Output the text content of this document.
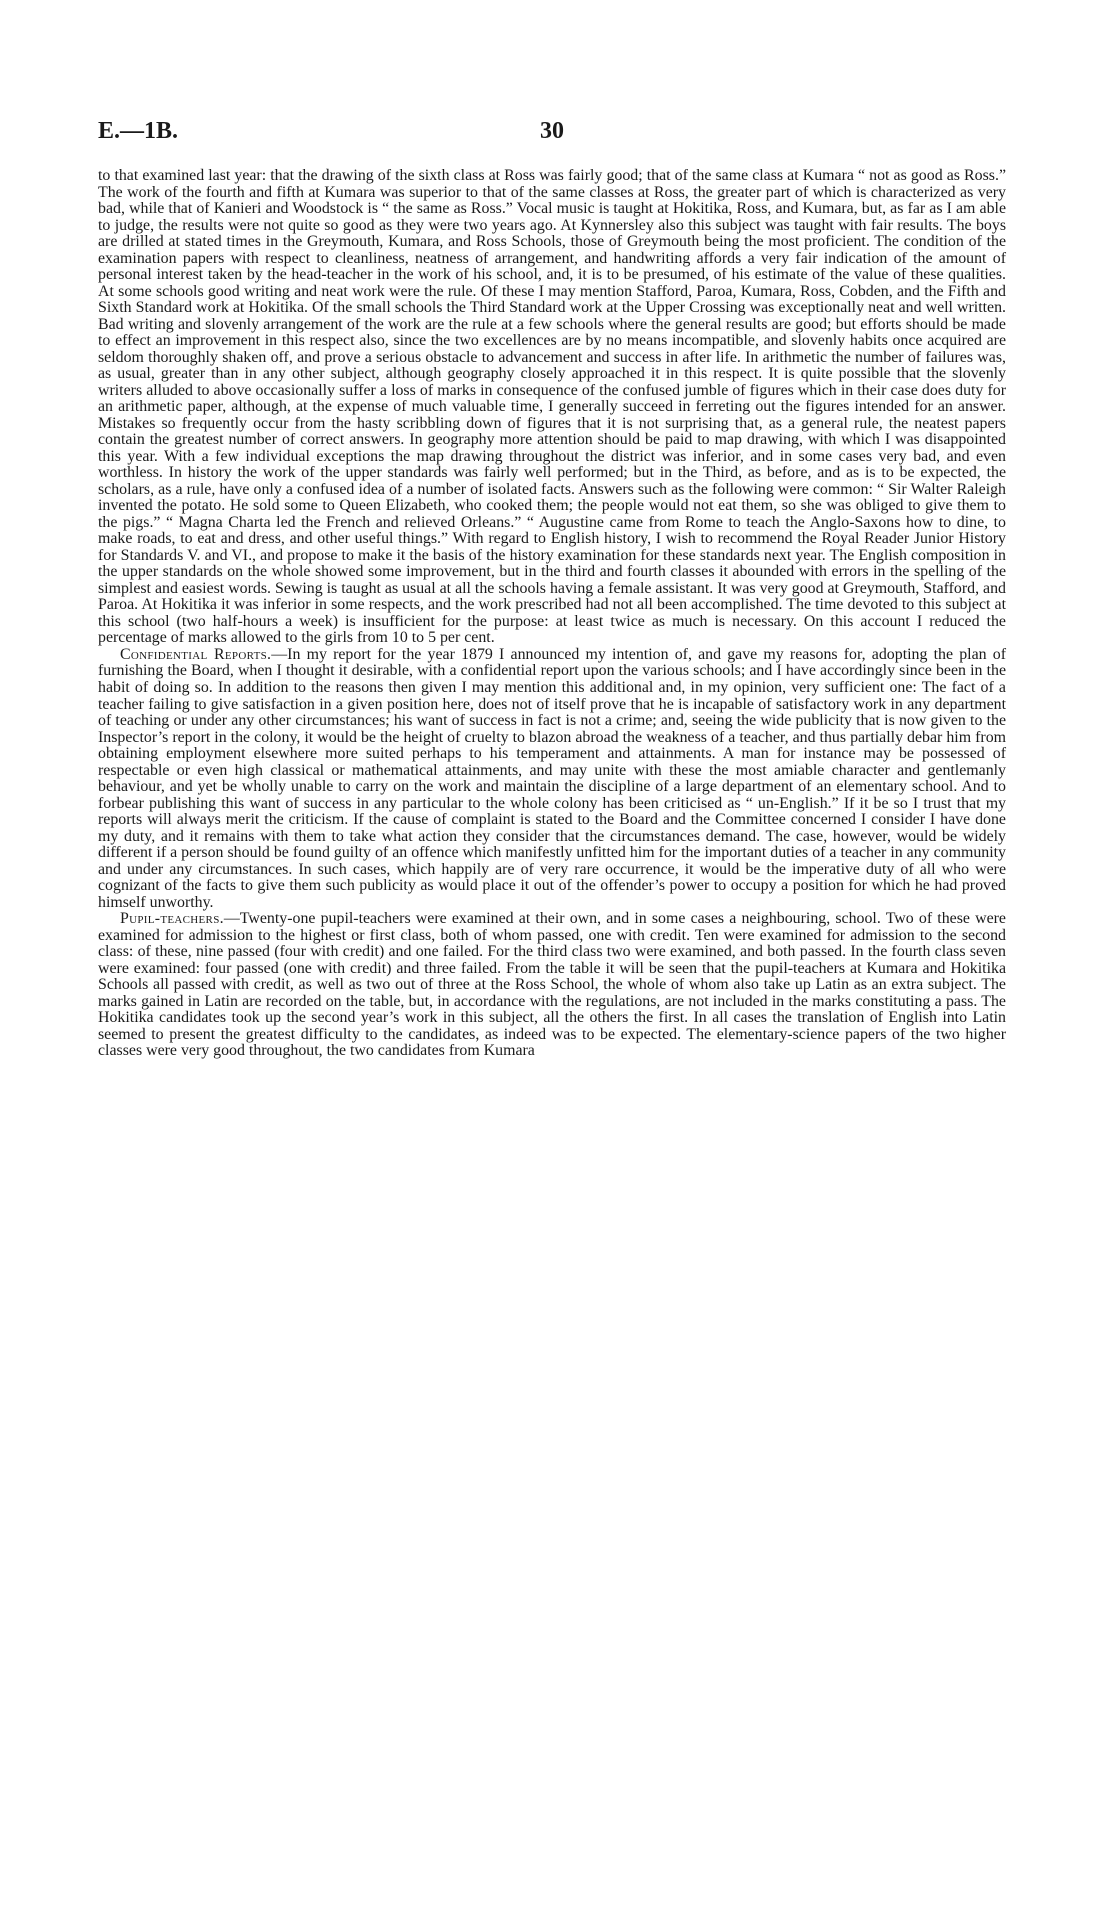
E.—1B.	30

to that examined last year: that the drawing of the sixth class at Ross was fairly good; that of the same class at Kumara “ not as good as Ross.” The work of the fourth and fifth at Kumara was superior to that of the same classes at Ross, the greater part of which is characterized as very bad, while that of Kanieri and Woodstock is “ the same as Ross.” Vocal music is taught at Hokitika, Ross, and Kumara, but, as far as I am able to judge, the results were not quite so good as they were two years ago. At Kynnersley also this subject was taught with fair results. The boys are drilled at stated times in the Greymouth, Kumara, and Ross Schools, those of Greymouth being the most proficient. The condition of the examination papers with respect to cleanliness, neatness of arrangement, and handwriting affords a very fair indication of the amount of personal interest taken by the head-teacher in the work of his school, and, it is to be presumed, of his estimate of the value of these qualities. At some schools good writing and neat work were the rule. Of these I may mention Stafford, Paroa, Kumara, Ross, Cobden, and the Fifth and Sixth Standard work at Hokitika. Of the small schools the Third Standard work at the Upper Crossing was exceptionally neat and well written. Bad writing and slovenly arrangement of the work are the rule at a few schools where the general results are good; but efforts should be made to effect an improvement in this respect also, since the two excellences are by no means incompatible, and slovenly habits once acquired are seldom thoroughly shaken off, and prove a serious obstacle to advancement and success in after life. In arithmetic the number of failures was, as usual, greater than in any other subject, although geography closely approached it in this respect. It is quite possible that the slovenly writers alluded to above occasionally suffer a loss of marks in consequence of the confused jumble of figures which in their case does duty for an arithmetic paper, although, at the expense of much valuable time, I generally succeed in ferreting out the figures intended for an answer. Mistakes so frequently occur from the hasty scribbling down of figures that it is not surprising that, as a general rule, the neatest papers contain the greatest number of correct answers. In geography more attention should be paid to map drawing, with which I was disappointed this year. With a few individual exceptions the map drawing throughout the district was inferior, and in some cases very bad, and even worthless. In history the work of the upper standards was fairly well performed; but in the Third, as before, and as is to be expected, the scholars, as a rule, have only a confused idea of a number of isolated facts. Answers such as the following were common: “ Sir Walter Raleigh invented the potato. He sold some to Queen Elizabeth, who cooked them; the people would not eat them, so she was obliged to give them to the pigs.” “ Magna Charta led the French and relieved Orleans.” “ Augustine came from Rome to teach the Anglo-Saxons how to dine, to make roads, to eat and dress, and other useful things.” With regard to English history, I wish to recommend the Royal Reader Junior History for Standards V. and VI., and propose to make it the basis of the history examination for these standards next year. The English composition in the upper standards on the whole showed some improvement, but in the third and fourth classes it abounded with errors in the spelling of the simplest and easiest words. Sewing is taught as usual at all the schools having a female assistant. It was very good at Greymouth, Stafford, and Paroa. At Hokitika it was inferior in some respects, and the work prescribed had not all been accomplished. The time devoted to this subject at this school (two half-hours a week) is insufficient for the purpose: at least twice as much is necessary. On this account I reduced the percentage of marks allowed to the girls from 10 to 5 per cent.

Confidential Reports.—In my report for the year 1879 I announced my intention of, and gave my reasons for, adopting the plan of furnishing the Board, when I thought it desirable, with a confidential report upon the various schools; and I have accordingly since been in the habit of doing so. In addition to the reasons then given I may mention this additional and, in my opinion, very sufficient one: The fact of a teacher failing to give satisfaction in a given position here, does not of itself prove that he is incapable of satisfactory work in any department of teaching or under any other circumstances; his want of success in fact is not a crime; and, seeing the wide publicity that is now given to the Inspector’s report in the colony, it would be the height of cruelty to blazon abroad the weakness of a teacher, and thus partially debar him from obtaining employment elsewhere more suited perhaps to his temperament and attainments. A man for instance may be possessed of respectable or even high classical or mathematical attainments, and may unite with these the most amiable character and gentlemanly behaviour, and yet be wholly unable to carry on the work and maintain the discipline of a large department of an elementary school. And to forbear publishing this want of success in any particular to the whole colony has been criticised as “ un-English.” If it be so I trust that my reports will always merit the criticism. If the cause of complaint is stated to the Board and the Committee concerned I consider I have done my duty, and it remains with them to take what action they consider that the circumstances demand. The case, however, would be widely different if a person should be found guilty of an offence which manifestly unfitted him for the important duties of a teacher in any community and under any circumstances. In such cases, which happily are of very rare occurrence, it would be the imperative duty of all who were cognizant of the facts to give them such publicity as would place it out of the offender’s power to occupy a position for which he had proved himself unworthy.

Pupil-teachers.—Twenty-one pupil-teachers were examined at their own, and in some cases a neighbouring, school. Two of these were examined for admission to the highest or first class, both of whom passed, one with credit. Ten were examined for admission to the second class: of these, nine passed (four with credit) and one failed. For the third class two were examined, and both passed. In the fourth class seven were examined: four passed (one with credit) and three failed. From the table it will be seen that the pupil-teachers at Kumara and Hokitika Schools all passed with credit, as well as two out of three at the Ross School, the whole of whom also take up Latin as an extra subject. The marks gained in Latin are recorded on the table, but, in accordance with the regulations, are not included in the marks constituting a pass. The Hokitika candidates took up the second year’s work in this subject, all the others the first. In all cases the translation of English into Latin seemed to present the greatest difficulty to the candidates, as indeed was to be expected. The elementary-science papers of the two higher classes were very good throughout, the two candidates from Kumara
